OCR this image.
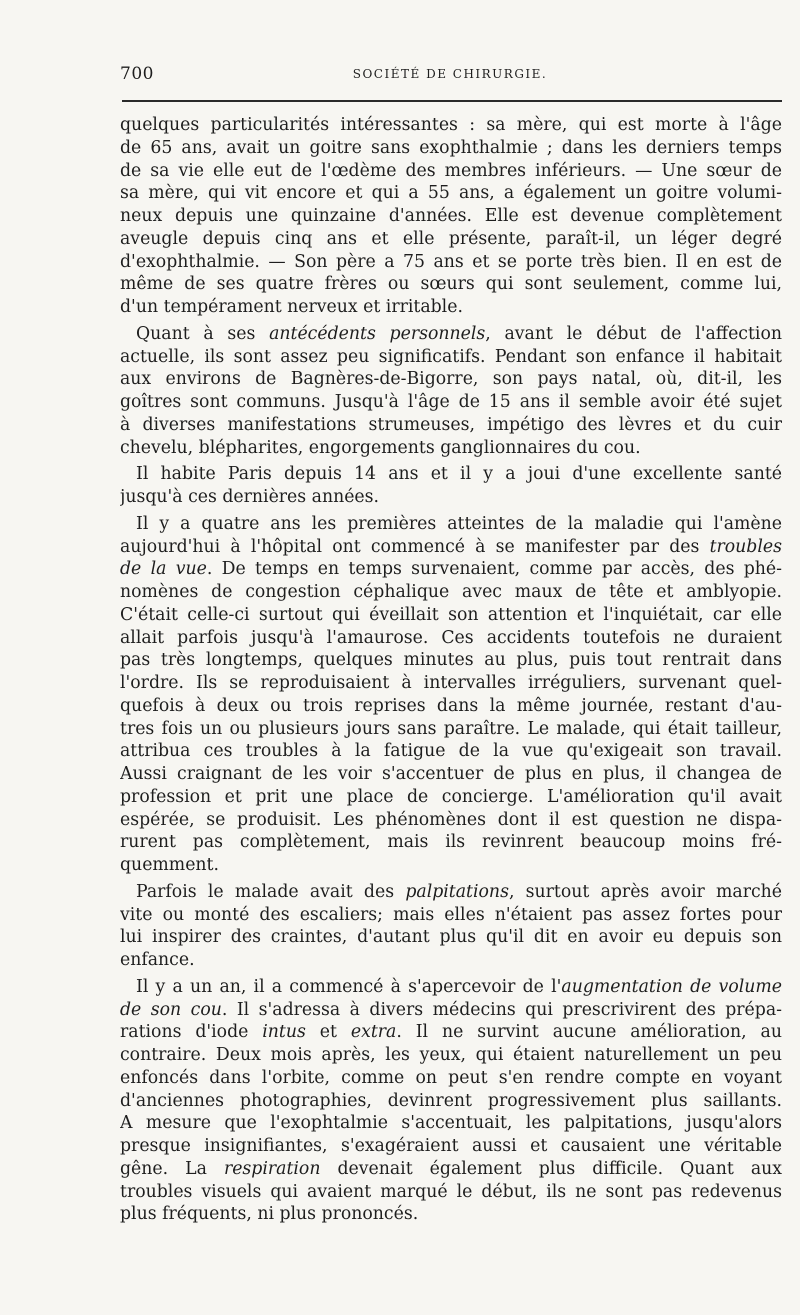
700	SOCIÉTÉ DE CHIRURGIE.
quelques particularités intéressantes : sa mère, qui est morte à l'âge
de 65 ans, avait un goitre sans exophthalmie ; dans les derniers temps
de sa vie elle eut de l'œdème des membres inférieurs. — Une sœur de
sa mère, qui vit encore et qui a 55 ans, a également un goitre volumi-
neux depuis une quinzaine d'années. Elle est devenue complètement
aveugle depuis cinq ans et elle présente, paraît-il, un léger degré
d'exophthalmie. — Son père a 75 ans et se porte très bien. Il en est de
même de ses quatre frères ou sœurs qui sont seulement, comme lui,
d'un tempérament nerveux et irritable.
Quant à ses antécédents personnels, avant le début de l'affection
actuelle, ils sont assez peu significatifs. Pendant son enfance il habitait
aux environs de Bagnères-de-Bigorre, son pays natal, où, dit-il, les
goîtres sont communs. Jusqu'à l'âge de 15 ans il semble avoir été sujet
à diverses manifestations strumeuses, impétigo des lèvres et du cuir
chevelu, blépharites, engorgements ganglionnaires du cou.
Il habite Paris depuis 14 ans et il y a joui d'une excellente santé
jusqu'à ces dernières années.
Il y a quatre ans les premières atteintes de la maladie qui l'amène
aujourd'hui à l'hôpital ont commencé à se manifester par des troubles
de la vue. De temps en temps survenaient, comme par accès, des phé-
nomènes de congestion céphalique avec maux de tête et amblyopie.
C'était celle-ci surtout qui éveillait son attention et l'inquiétait, car elle
allait parfois jusqu'à l'amaurose. Ces accidents toutefois ne duraient
pas très longtemps, quelques minutes au plus, puis tout rentrait dans
l'ordre. Ils se reproduisaient à intervalles irréguliers, survenant quel-
quefois à deux ou trois reprises dans la même journée, restant d'au-
tres fois un ou plusieurs jours sans paraître. Le malade, qui était tailleur,
attribua ces troubles à la fatigue de la vue qu'exigeait son travail.
Aussi craignant de les voir s'accentuer de plus en plus, il changea de
profession et prit une place de concierge. L'amélioration qu'il avait
espérée, se produisit. Les phénomènes dont il est question ne dispa-
rurent pas complètement, mais ils revinrent beaucoup moins fré-
quemment.
Parfois le malade avait des palpitations, surtout après avoir marché
vite ou monté des escaliers; mais elles n'étaient pas assez fortes pour
lui inspirer des craintes, d'autant plus qu'il dit en avoir eu depuis son
enfance.
Il y a un an, il a commencé à s'apercevoir de l'augmentation de volume
de son cou. Il s'adressa à divers médecins qui prescrivirent des prépa-
rations d'iode intus et extra. Il ne survint aucune amélioration, au
contraire. Deux mois après, les yeux, qui étaient naturellement un peu
enfoncés dans l'orbite, comme on peut s'en rendre compte en voyant
d'anciennes photographies, devinrent progressivement plus saillants.
A mesure que l'exophtalmie s'accentuait, les palpitations, jusqu'alors
presque insignifiantes, s'exagéraient aussi et causaient une véritable
gêne. La respiration devenait également plus difficile. Quant aux
troubles visuels qui avaient marqué le début, ils ne sont pas redevenus
plus fréquents, ni plus prononcés.
